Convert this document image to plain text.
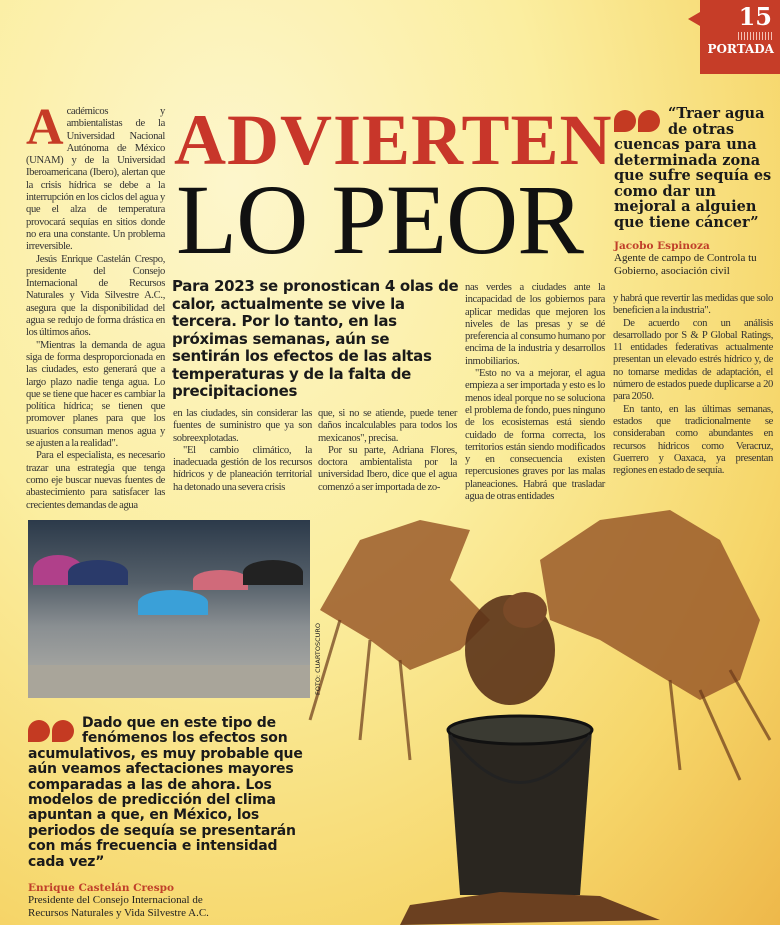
15
PORTADA
ADVIERTEN
LO PEOR
Para 2023 se pronostican 4 olas de calor, actualmente se vive la tercera. Por lo tanto, en las próximas semanas, aún se sentirán los efectos de las altas temperaturas y de la falta de precipitaciones

Académicos y ambientalistas de la Universidad Nacional Autónoma de México (UNAM) y de la Universidad Iberoamericana (Ibero), alertan que la crisis hídrica se debe a la interrupción en los ciclos del agua y que el alza de temperatura provocará sequías en sitios donde no era una constante. Un problema irreversible.

Jesús Enrique Castelán Crespo, presidente del Consejo Internacional de Recursos Naturales y Vida Silvestre A.C., asegura que la disponibilidad del agua se redujo de forma drástica en los últimos años.

"Mientras la demanda de agua siga de forma desproporcionada en las ciudades, esto generará que a largo plazo nadie tenga agua. Lo que se tiene que hacer es cambiar la política hídrica; se tienen que promover planes para que los usuarios consuman menos agua y se ajusten a la realidad".

Para el especialista, es necesario trazar una estrategia que tenga como eje buscar nuevas fuentes de abastecimiento para satisfacer las crecientes demandas de agua

en las ciudades, sin considerar las fuentes de suministro que ya son sobreexplotadas.

"El cambio climático, la inadecuada gestión de los recursos hídricos y de planeación territorial ha detonado una severa crisis

que, si no se atiende, puede tener daños incalculables para todos los mexicanos", precisa.

Por su parte, Adriana Flores, doctora ambientalista por la universidad Ibero, dice que el agua comenzó a ser importada de zo-

nas verdes a ciudades ante la incapacidad de los gobiernos para aplicar medidas que mejoren los niveles de las presas y se dé preferencia al consumo humano por encima de la industria y desarrollos inmobiliarios.

"Esto no va a mejorar, el agua empieza a ser importada y esto es lo menos ideal porque no se soluciona el problema de fondo, pues ninguno de los ecosistemas está siendo cuidado de forma correcta, los territorios están siendo modificados y en consecuencia existen repercusiones graves por las malas planeaciones. Habrá que trasladar agua de otras entidades

y habrá que revertir las medidas que solo beneficien a la industria".

De acuerdo con un análisis desarrollado por S & P Global Ratings, 11 entidades federativas actualmente presentan un elevado estrés hídrico y, de no tomarse medidas de adaptación, el número de estados puede duplicarse a 20 para 2050.

En tanto, en las últimas semanas, estados que tradicionalmente se consideraban como abundantes en recursos hídricos como Veracruz, Guerrero y Oaxaca, ya presentan regiones en estado de sequía.

“Traer agua de otras cuencas para una determinada zona que sufre sequía es como dar un mejoral a alguien que tiene cáncer”
Jacobo Espinoza
Agente de campo de Controla tu Gobierno, asociación civil
FOTO: CUARTOSCURO
Dado que en este tipo de fenómenos los efectos son acumulativos, es muy probable que aún veamos afectaciones mayores comparadas a las de ahora. Los modelos de predicción del clima apuntan a que, en México, los periodos de sequía se presentarán con más frecuencia e intensidad cada vez”
Enrique Castelán Crespo
Presidente del Consejo Internacional de Recursos Naturales y Vida Silvestre A.C.
